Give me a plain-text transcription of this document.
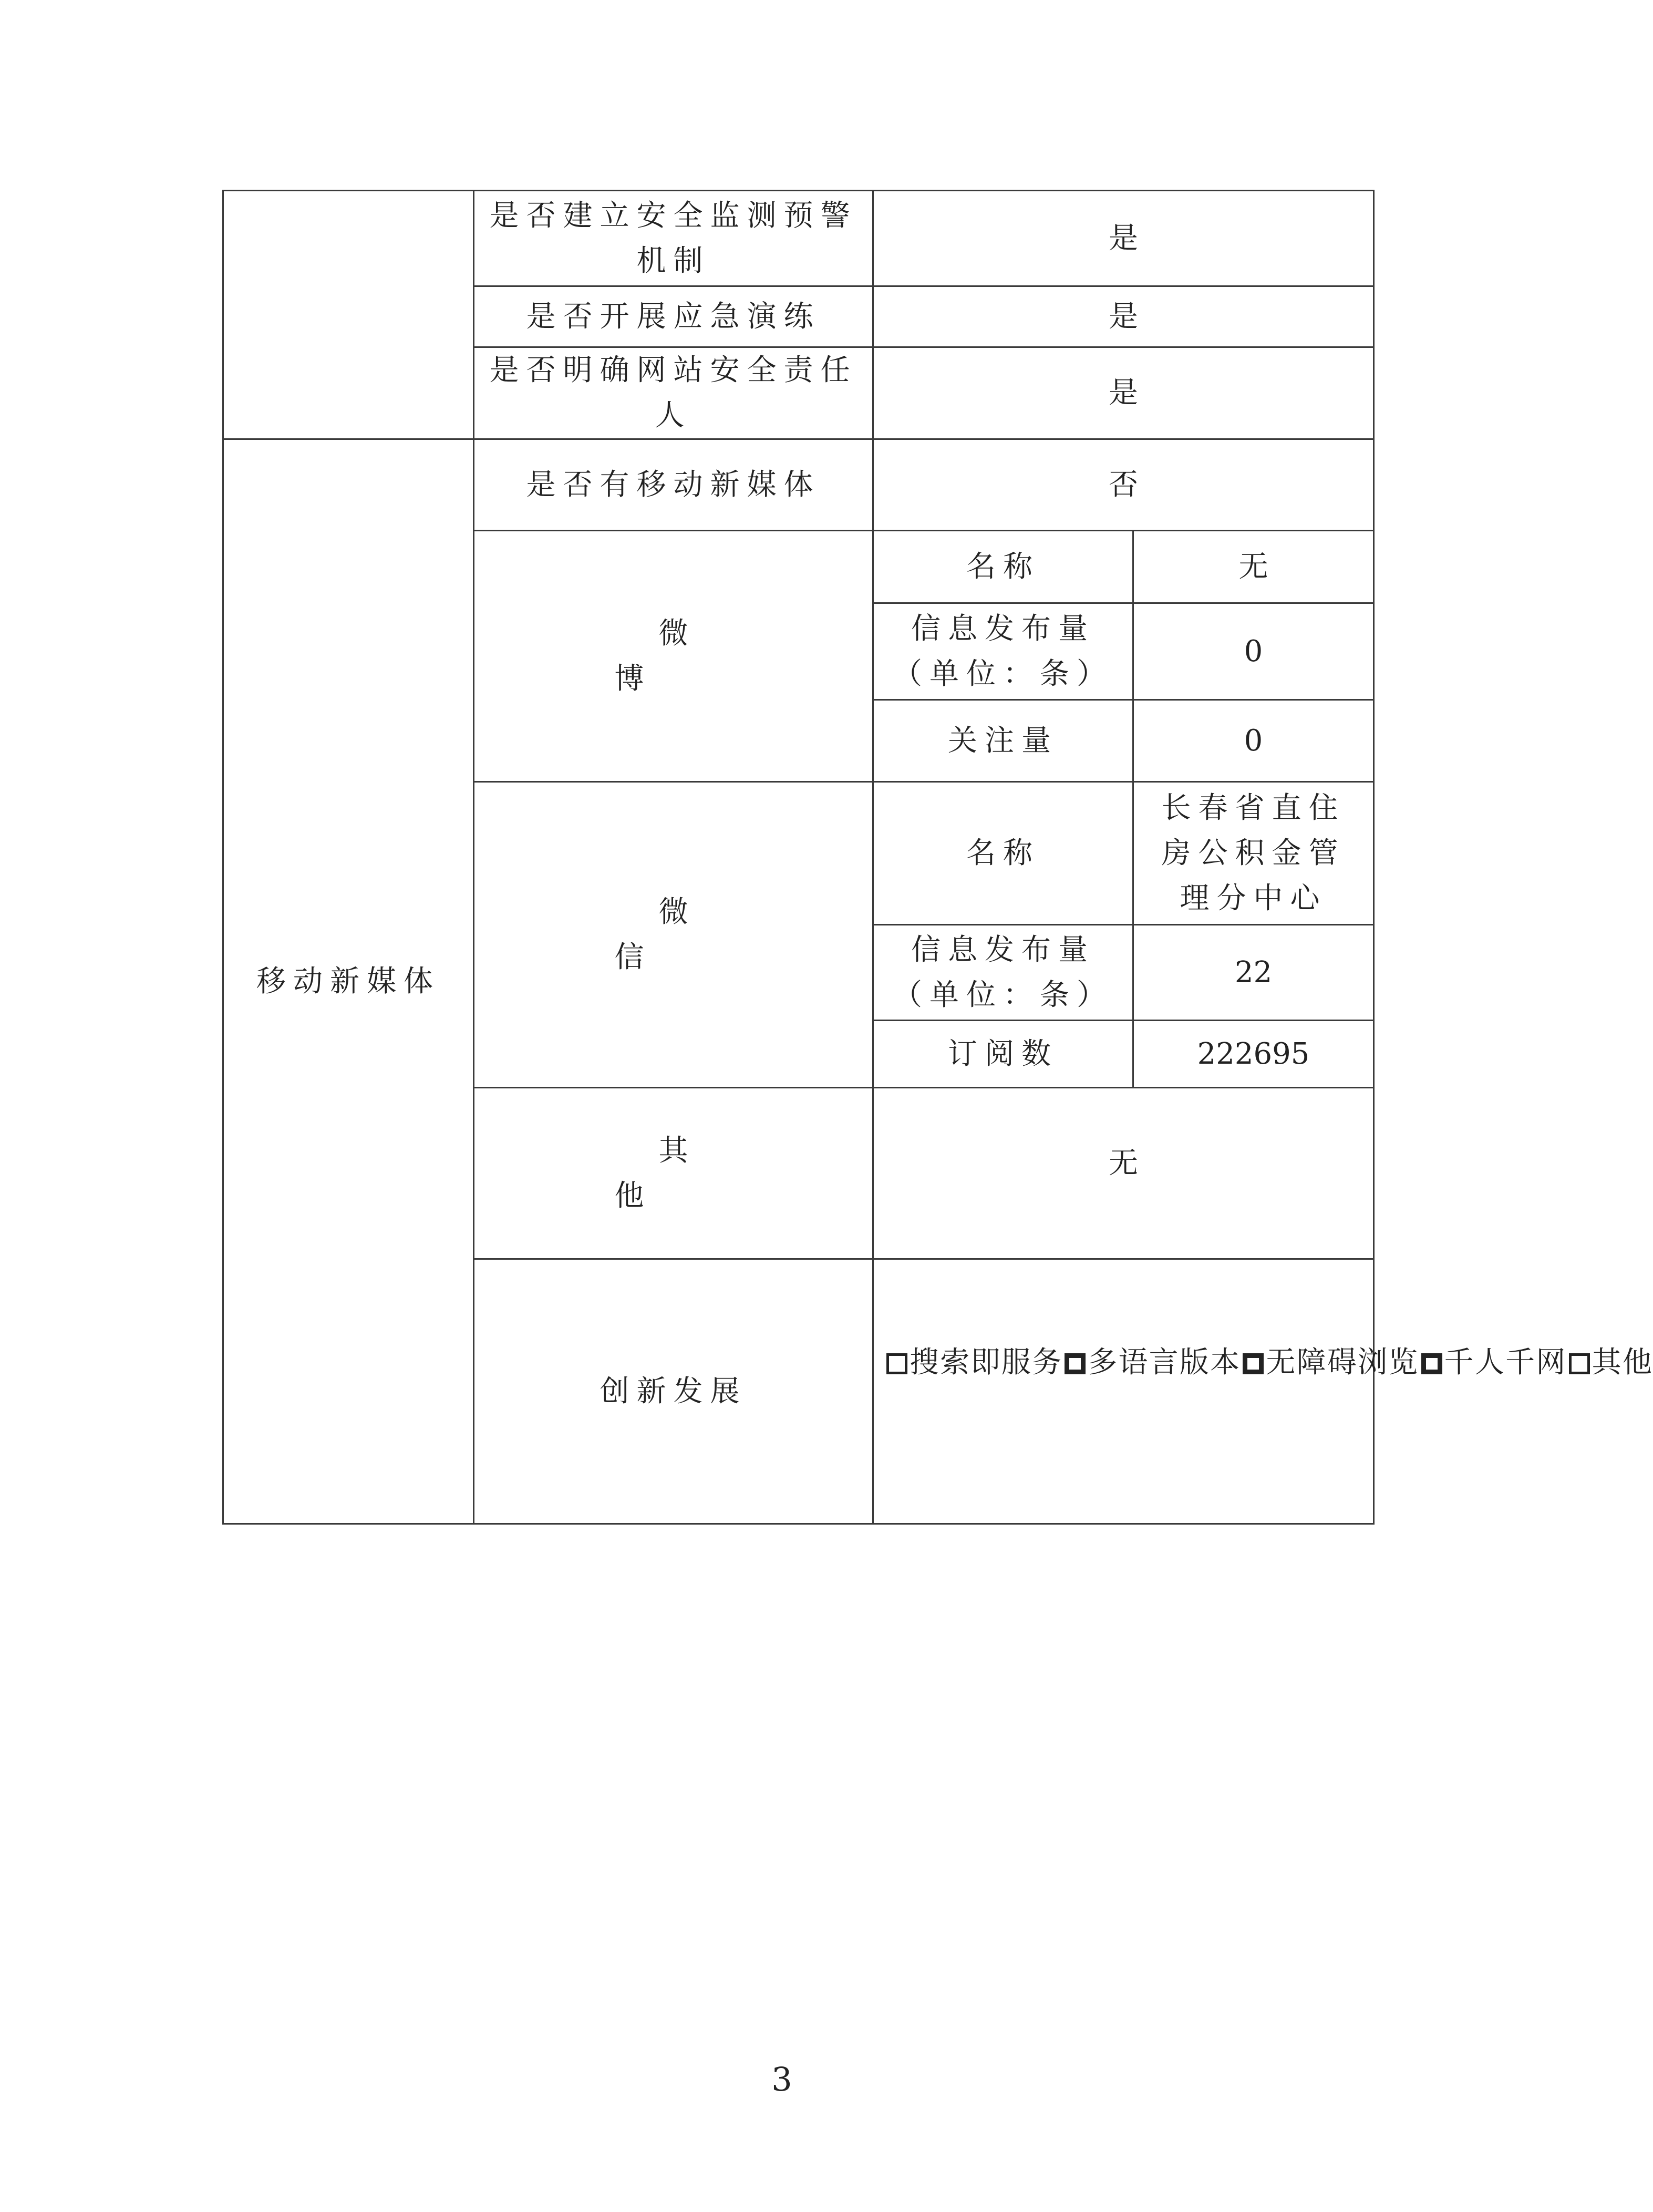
	是否建立安全监测预警机制	是	
	是否开展应急演练	是	
	是否明确网站安全责任人	是	
移动新媒体	是否有移动新媒体	否	
	微 博	名称	无
		信息发布量（单位：条）	0
		关注量	0
	微 信	名称	长春省直住房公积金管理分中心
		信息发布量（单位：条）	22
		订阅数	222695
	其 他	无	
	创新发展	搜索即服务 多语言版本 无障碍浏览 千人千网 其他	
3
